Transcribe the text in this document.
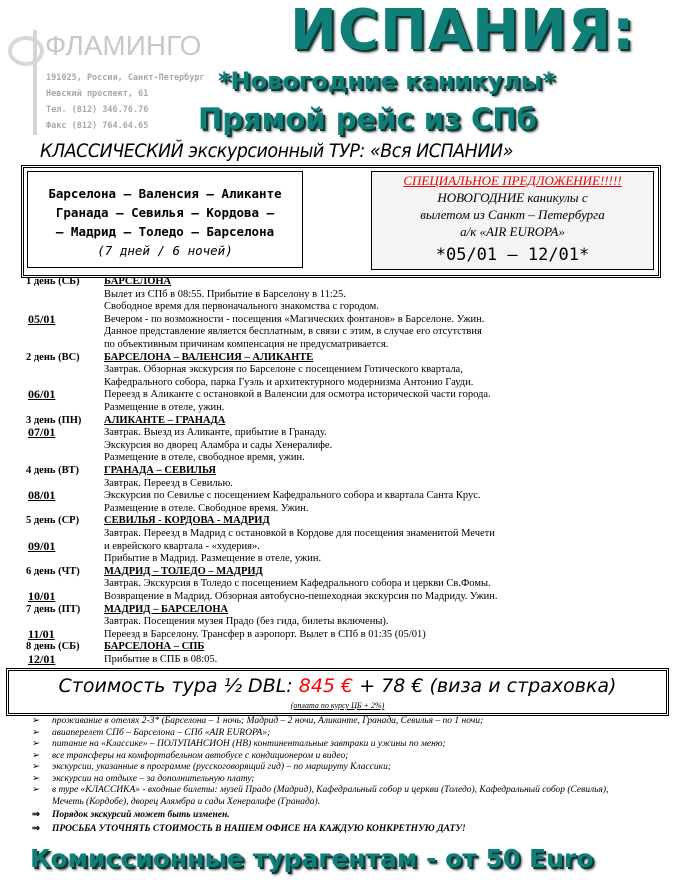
ФЛАМИНГО
191025, Россия, Санкт-Петербург
Невский проспект, 61
Тел. (812) 346.76.76
Факс (812) 764.64.65
ИСПАНИЯ:
*Новогодние каникулы*
Прямой рейс из СПб
КЛАССИЧЕСКИЙ экскурсионный ТУР: «Вся ИСПАНИИ»
Барселона – Валенсия – Аликанте
Гранада – Севилья – Кордова –
– Мадрид – Толедо – Барселона
(7 дней / 6 ночей)
СПЕЦИАЛЬНОЕ ПРЕДЛОЖЕНИЕ!!!!!
НОВОГОДНИЕ каникулы с
вылетом из Санкт – Петербурга
а/к «AIR EUROPA»
*05/01 – 12/01*
1 день (СБ) БАРСЕЛОНА
Вылет из СПб в 08:55. Прибытие в Барселону в 11:25.
Свободное время для первоначального знакомства с городом.
Вечером - по возможности - посещения «Магических фонтанов» в Барселоне. Ужин.
Данное представление является бесплатным, в связи с этим, в случае его отсутствия
по объективным причинам компенсация не предусматривается.
05/01
2 день (ВС) БАРСЕЛОНА – ВАЛЕНСИЯ – АЛИКАНТЕ
Завтрак. Обзорная экскурсия по Барселоне с посещением Готического квартала,
Кафедрального собора, парка Гуэль и архитектурного модернизма Антонио Гауди.
Переезд в Аликанте с остановкой в Валенсии для осмотра исторической части города.
Размещение в отеле, ужин.
06/01
3 день (ПН) АЛИКАНТЕ – ГРАНАДА
Завтрак. Выезд из Аликанте, прибытие в Гранаду.
Экскурсия во дворец Аламбра и сады Хенералифе.
Размещение в отеле, свободное время, ужин.
07/01
4 день (ВТ) ГРАНАДА – СЕВИЛЬЯ
Завтрак. Переезд в Севилью.
Экскурсия по Севилье с посещением Кафедрального собора и квартала Санта Крус.
Размещение в отеле. Свободное время. Ужин.
08/01
5 день (СР) СЕВИЛЬЯ - КОРДОВА - МАДРИД
Завтрак. Переезд в Мадрид с остановкой в Кордове для посещения знаменитой Мечети
и еврейского квартала - «худерия».
Прибытие в Мадрид. Размещение в отеле, ужин.
09/01
6 день (ЧТ) МАДРИД – ТОЛЕДО – МАДРИД
Завтрак. Экскурсия в Толедо с посещением Кафедрального собора и церкви Св.Фомы.
Возвращение в Мадрид. Обзорная автобусно-пешеходная экскурсия по Мадриду. Ужин.
10/01
7 день (ПТ) МАДРИД – БАРСЕЛОНА
Завтрак. Посещения музея Прадо (без гида, билеты включены).
Переезд в Барселону. Трансфер в аэропорт. Вылет в СПб в 01:35 (05/01)
11/01
8 день (СБ) БАРСЕЛОНА – СПБ
Прибытие в СПБ в 08:05.
12/01
Стоимость тура ½ DBL: 845 € + 78 € (виза и страховка)
(оплата по курсу ЦБ + 2%)
➢ проживание в отелях 2-3* (Барселона – 1 ночь; Мадрид – 2 ночи, Аликанте, Гранада, Севилья – по 1 ночи;
➢ авиаперелет СПб – Барселона – СПб «AIR EUROPA»;
➢ питание на «Классике» – ПОЛУПАНСИОН (HB) континентальные завтраки и ужины по меню;
➢ все трансферы на комфортабельном автобусе с кондиционером и видео;
➢ экскурсии, указанные в программе (русскоговорящий гид) – по маршруту Классики;
➢ экскурсии на отдыхе – за дополнительную плату;
➢ в туре «КЛАССИКА» - входные билеты: музей Прадо (Мадрид), Кафедральный собор и церкви (Толедо), Кафедральный собор (Севилья), Мечеть (Кордобе), дворец Алямбра и сады Хенералифе (Гранада).
⇒ Порядок экскурсий может быть изменен.
⇒ ПРОСЬБА УТОЧНЯТЬ СТОИМОСТЬ В НАШЕМ ОФИСЕ НА КАЖДУЮ КОНКРЕТНУЮ ДАТУ!
Комиссионные турагентам - от 50 Euro
